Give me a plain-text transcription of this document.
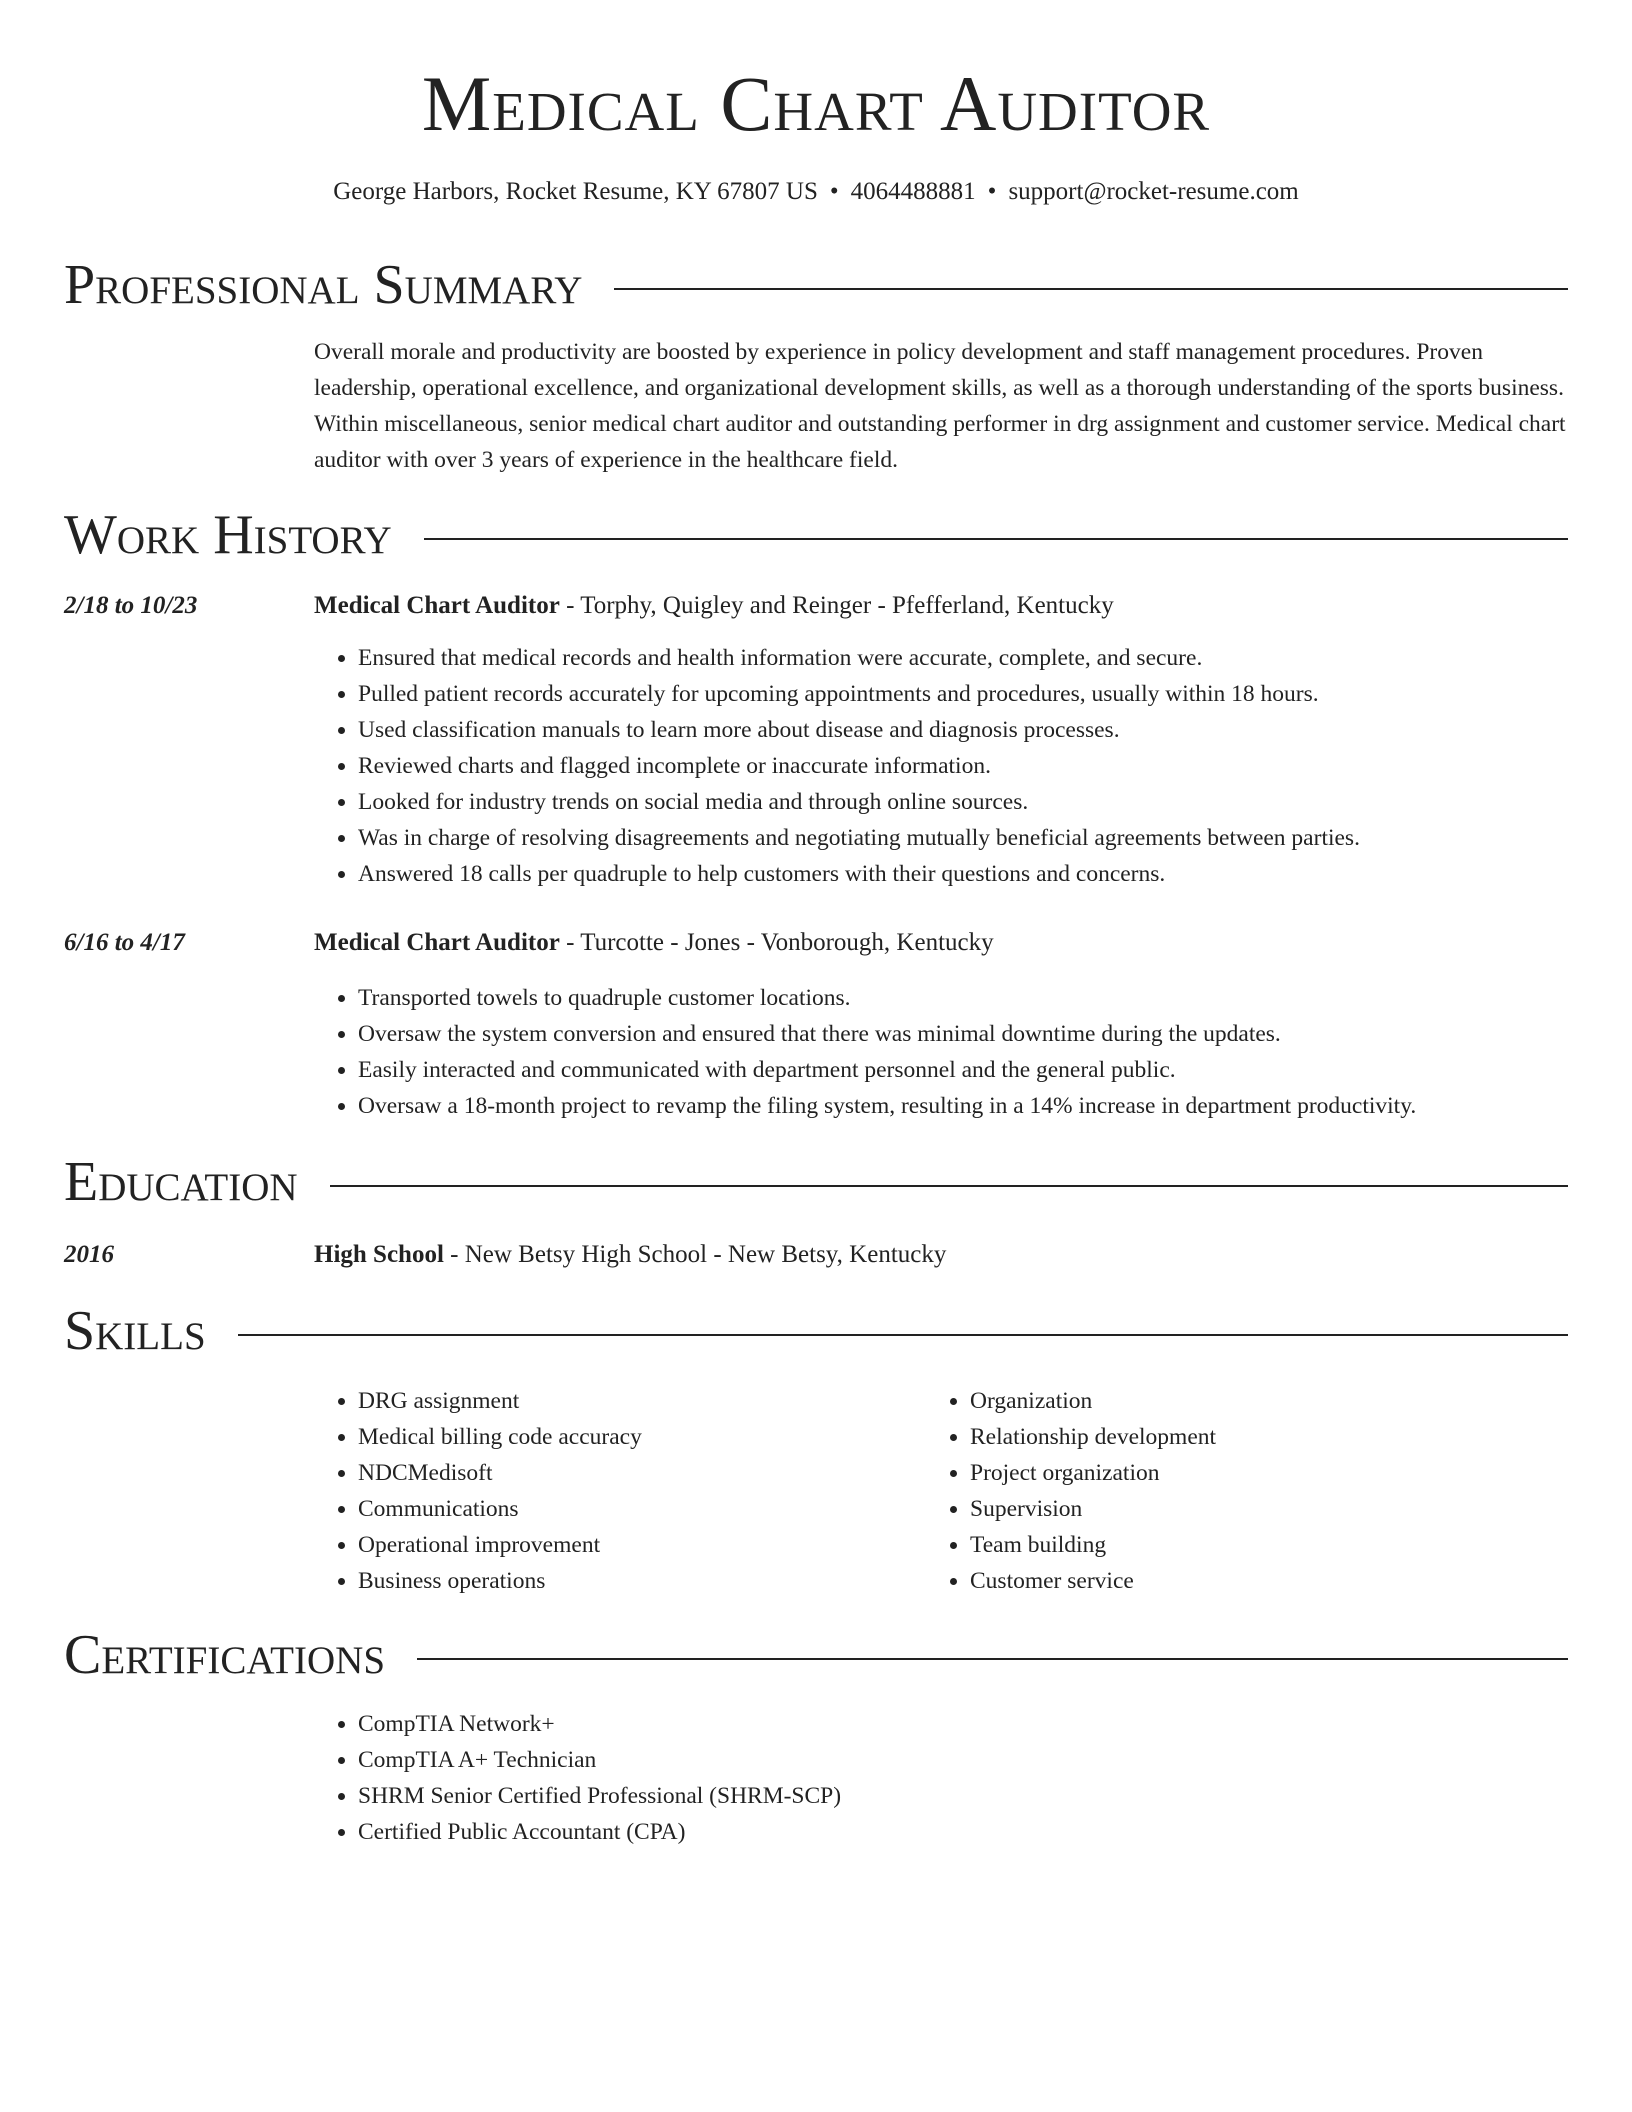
Medical Chart Auditor
George Harbors, Rocket Resume, KY 67807 US • 4064488881 • support@rocket-resume.com
Professional Summary

Overall morale and productivity are boosted by experience in policy development and staff management procedures. Proven leadership, operational excellence, and organizational development skills, as well as a thorough understanding of the sports business. Within miscellaneous, senior medical chart auditor and outstanding performer in drg assignment and customer service. Medical chart auditor with over 3 years of experience in the healthcare field.

Work History
2/18 to 10/23	Medical Chart Auditor - Torphy, Quigley and Reinger - Pfefferland, Kentucky
• Ensured that medical records and health information were accurate, complete, and secure.
• Pulled patient records accurately for upcoming appointments and procedures, usually within 18 hours.
• Used classification manuals to learn more about disease and diagnosis processes.
• Reviewed charts and flagged incomplete or inaccurate information.
• Looked for industry trends on social media and through online sources.
• Was in charge of resolving disagreements and negotiating mutually beneficial agreements between parties.
• Answered 18 calls per quadruple to help customers with their questions and concerns.
6/16 to 4/17	Medical Chart Auditor - Turcotte - Jones - Vonborough, Kentucky
• Transported towels to quadruple customer locations.
• Oversaw the system conversion and ensured that there was minimal downtime during the updates.
• Easily interacted and communicated with department personnel and the general public.
• Oversaw a 18-month project to revamp the filing system, resulting in a 14% increase in department productivity.
Education
2016	High School - New Betsy High School - New Betsy, Kentucky
Skills
• DRG assignment
• Medical billing code accuracy
• NDCMedisoft
• Communications
• Operational improvement
• Business operations
• Organization
• Relationship development
• Project organization
• Supervision
• Team building
• Customer service
Certifications
• CompTIA Network+
• CompTIA A+ Technician
• SHRM Senior Certified Professional (SHRM-SCP)
• Certified Public Accountant (CPA)
